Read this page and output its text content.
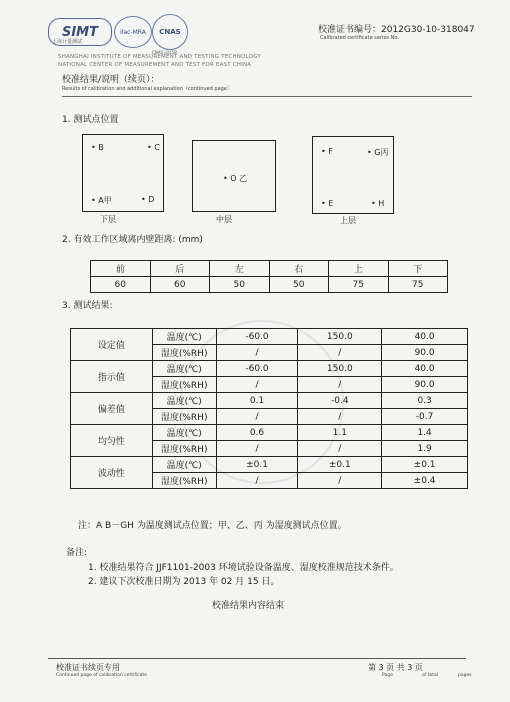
SIMT
上海计量测试
ilac-MRA	CNAS
CNAS L0158
校准证书编号：2012G30-10-318047
Calibrated certificate series No.
SHANGHAI INSTITUTE OF MEASUREMENT AND TESTING TECHNOLOGY
NATIONAL CENTER OF MEASUREMENT AND TEST FOR EAST CHINA
校准结果/说明（续页）：
Results of calibration and additional explanation（continued page）
1. 测试点位置
• B	• C
• A甲	• D
下层
• O 乙
中层
• F	• G丙
• E	• H
上层
2. 有效工作区域离内壁距离: (mm)
前	后	左	右	上	下
60	60	50	50	75	75
3. 测试结果:
设定值	温度(℃)	-60.0	150.0	40.0
	湿度(%RH)	/	/	90.0
指示值	温度(℃)	-60.0	150.0	40.0
	湿度(%RH)	/	/	90.0
偏差值	温度(℃)	0.1	-0.4	0.3
	湿度(%RH)	/	/	-0.7
均匀性	温度(℃)	0.6	1.1	1.4
	湿度(%RH)	/	/	1.9
波动性	温度(℃)	±0.1	±0.1	±0.1
	湿度(%RH)	/	/	±0.4
注：A B－GH 为温度测试点位置；甲、乙、丙 为湿度测试点位置。
备注:
1. 校准结果符合 JJF1101-2003 环境试验设备温度、湿度校准规范技术条件。
2. 建议下次校准日期为 2013 年 02 月 15 日。
校准结果内容结束
校准证书续页专用
Continued page of calibration certificate
第 3 页 共 3 页
Page	of total	pages
